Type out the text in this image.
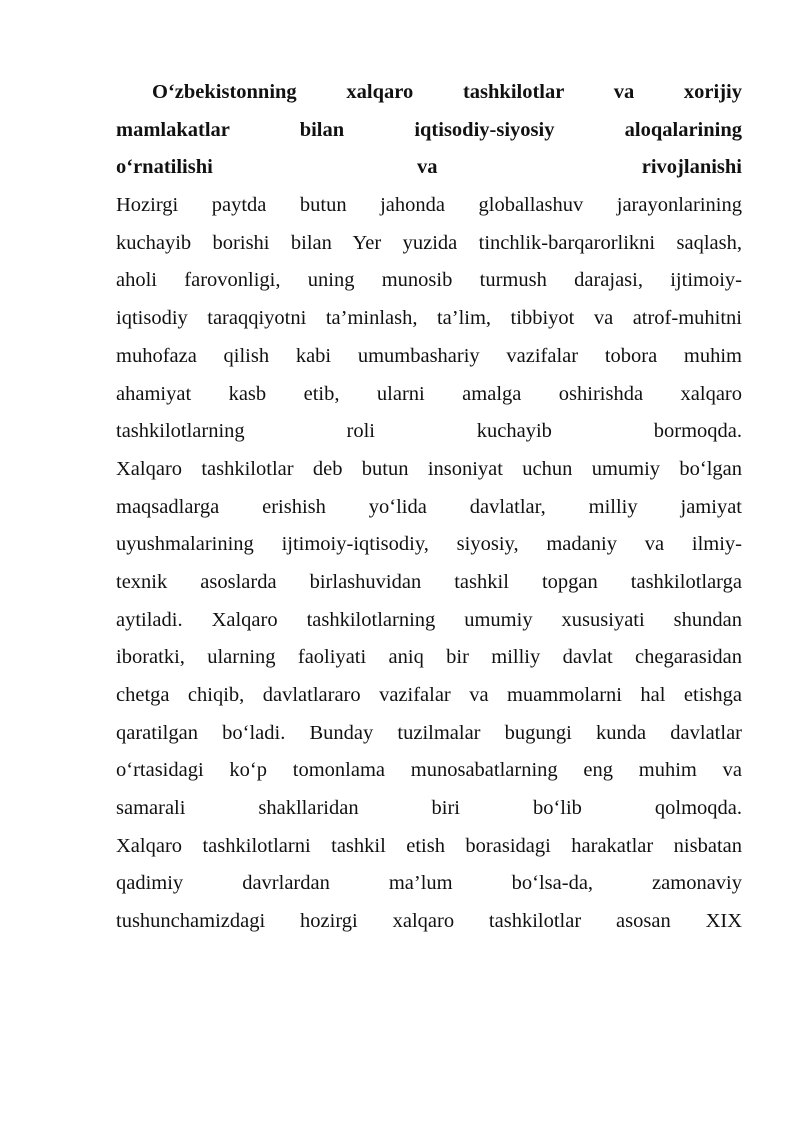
O‘zbekistonning xalqaro tashkilotlar va xorijiy
mamlakatlar bilan iqtisodiy-siyosiy aloqalarining
o‘rnatilishi va rivojlanishi
Hozirgi paytda butun jahonda globallashuv jarayonlarining
kuchayib borishi bilan Yer yuzida tinchlik-barqarorlikni saqlash,
aholi farovonligi, uning munosib turmush darajasi, ijtimoiy-
iqtisodiy taraqqiyotni ta’minlash, ta’lim, tibbiyot va atrof-muhitni
muhofaza qilish kabi umumbashariy vazifalar tobora muhim
ahamiyat kasb etib, ularni amalga oshirishda xalqaro
tashkilotlarning roli kuchayib bormoqda.
Xalqaro tashkilotlar deb butun insoniyat uchun umumiy bo‘lgan
maqsadlarga erishish yo‘lida davlatlar, milliy jamiyat
uyushmalarining ijtimoiy-iqtisodiy, siyosiy, madaniy va ilmiy-
texnik asoslarda birlashuvidan tashkil topgan tashkilotlarga
aytiladi. Xalqaro tashkilotlarning umumiy xususiyati shundan
iboratki, ularning faoliyati aniq bir milliy davlat chegarasidan
chetga chiqib, davlatlararo vazifalar va muammolarni hal etishga
qaratilgan bo‘ladi. Bunday tuzilmalar bugungi kunda davlatlar
o‘rtasidagi ko‘p tomonlama munosabatlarning eng muhim va
samarali shakllaridan biri bo‘lib qolmoqda.
Xalqaro tashkilotlarni tashkil etish borasidagi harakatlar nisbatan
qadimiy davrlardan ma’lum bo‘lsa-da, zamonaviy
tushunchamizdagi hozirgi xalqaro tashkilotlar asosan XIX
